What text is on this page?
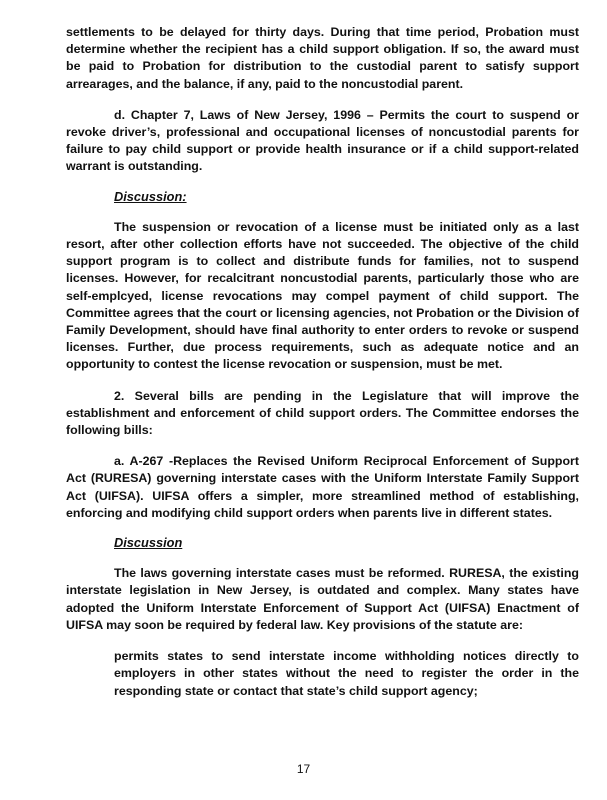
settlements to be delayed for thirty days. During that time period, Probation must determine whether the recipient has a child support obligation. If so, the award must be paid to Probation for distribution to the custodial parent to satisfy support arrearages, and the balance, if any, paid to the noncustodial parent.

d. Chapter 7, Laws of New Jersey, 1996 – Permits the court to suspend or revoke driver’s, professional and occupational licenses of noncustodial parents for failure to pay child support or provide health insurance or if a child support-related warrant is outstanding.

Discussion:

The suspension or revocation of a license must be initiated only as a last resort, after other collection efforts have not succeeded. The objective of the child support program is to collect and distribute funds for families, not to suspend licenses. However, for recalcitrant noncustodial parents, particularly those who are self-emplcyed, license revocations may compel payment of child support. The Committee agrees that the court or licensing agencies, not Probation or the Division of Family Development, should have final authority to enter orders to revoke or suspend licenses. Further, due process requirements, such as adequate notice and an opportunity to contest the license revocation or suspension, must be met.

2. Several bills are pending in the Legislature that will improve the establishment and enforcement of child support orders. The Committee endorses the following bills:

a. A-267 -Replaces the Revised Uniform Reciprocal Enforcement of Support Act (RURESA) governing interstate cases with the Uniform Interstate Family Support Act (UIFSA). UIFSA offers a simpler, more streamlined method of establishing, enforcing and modifying child support orders when parents live in different states.

Discussion

The laws governing interstate cases must be reformed. RURESA, the existing interstate legislation in New Jersey, is outdated and complex. Many states have adopted the Uniform Interstate Enforcement of Support Act (UIFSA) Enactment of UIFSA may soon be required by federal law. Key provisions of the statute are:

permits states to send interstate income withholding notices directly to employers in other states without the need to register the order in the responding state or contact that state’s child support agency;

17
